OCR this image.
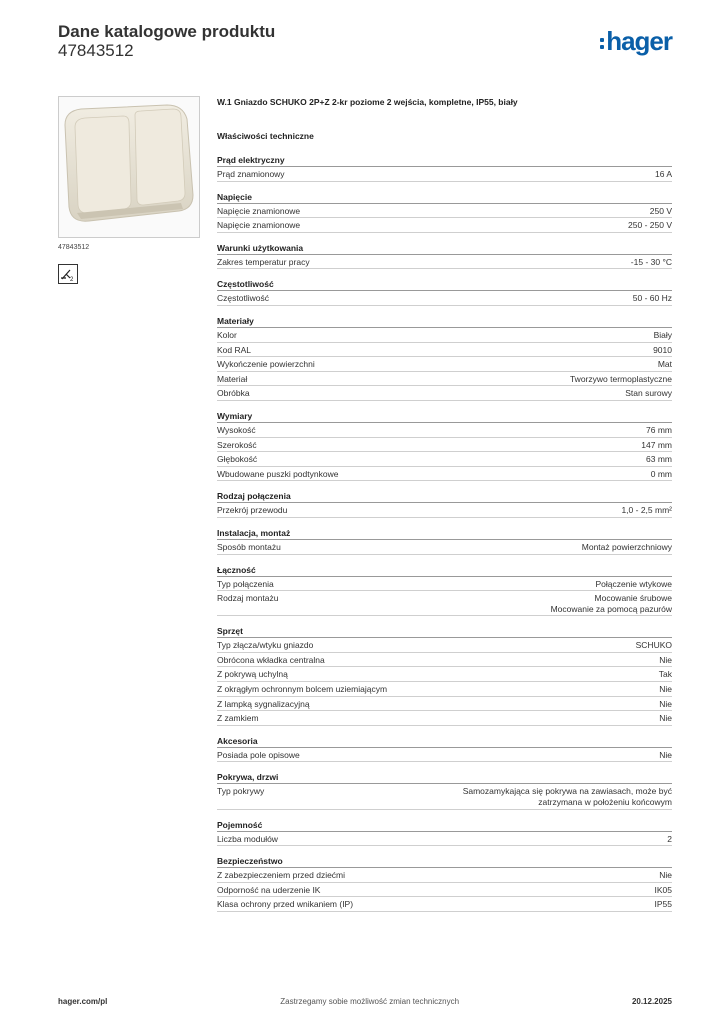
Dane katalogowe produktu
47843512	hager
47843512
2
W.1 Gniazdo SCHUKO 2P+Z 2-kr poziome 2 wejścia, kompletne, IP55, biały
Właściwości techniczne
Prąd elektryczny
Prąd znamionowy	16 A
Napięcie
Napięcie znamionowe	250 V
Napięcie znamionowe	250 - 250 V
Warunki użytkowania
Zakres temperatur pracy	-15 - 30 °C
Częstotliwość
Częstotliwość	50 - 60 Hz
Materiały
Kolor	Biały
Kod RAL	9010
Wykończenie powierzchni	Mat
Materiał	Tworzywo termoplastyczne
Obróbka	Stan surowy
Wymiary
Wysokość	76 mm
Szerokość	147 mm
Głębokość	63 mm
Wbudowane puszki podtynkowe	0 mm
Rodzaj połączenia
Przekrój przewodu	1,0 - 2,5 mm²
Instalacja, montaż
Sposób montażu	Montaż powierzchniowy
Łączność
Typ połączenia	Połączenie wtykowe
Rodzaj montażu	Mocowanie śrubowe
Mocowanie za pomocą pazurów
Sprzęt
Typ złącza/wtyku gniazdo	SCHUKO
Obrócona wkładka centralna	Nie
Z pokrywą uchylną	Tak
Z okrągłym ochronnym bolcem uziemiającym	Nie
Z lampką sygnalizacyjną	Nie
Z zamkiem	Nie
Akcesoria
Posiada pole opisowe	Nie
Pokrywa, drzwi
Typ pokrywy	Samozamykająca się pokrywa na zawiasach, może być
zatrzymana w położeniu końcowym
Pojemność
Liczba modułów	2
Bezpieczeństwo
Z zabezpieczeniem przed dziećmi	Nie
Odporność na uderzenie IK	IK05
Klasa ochrony przed wnikaniem (IP)	IP55
hager.com/pl	Zastrzegamy sobie możliwość zmian technicznych	20.12.2025
